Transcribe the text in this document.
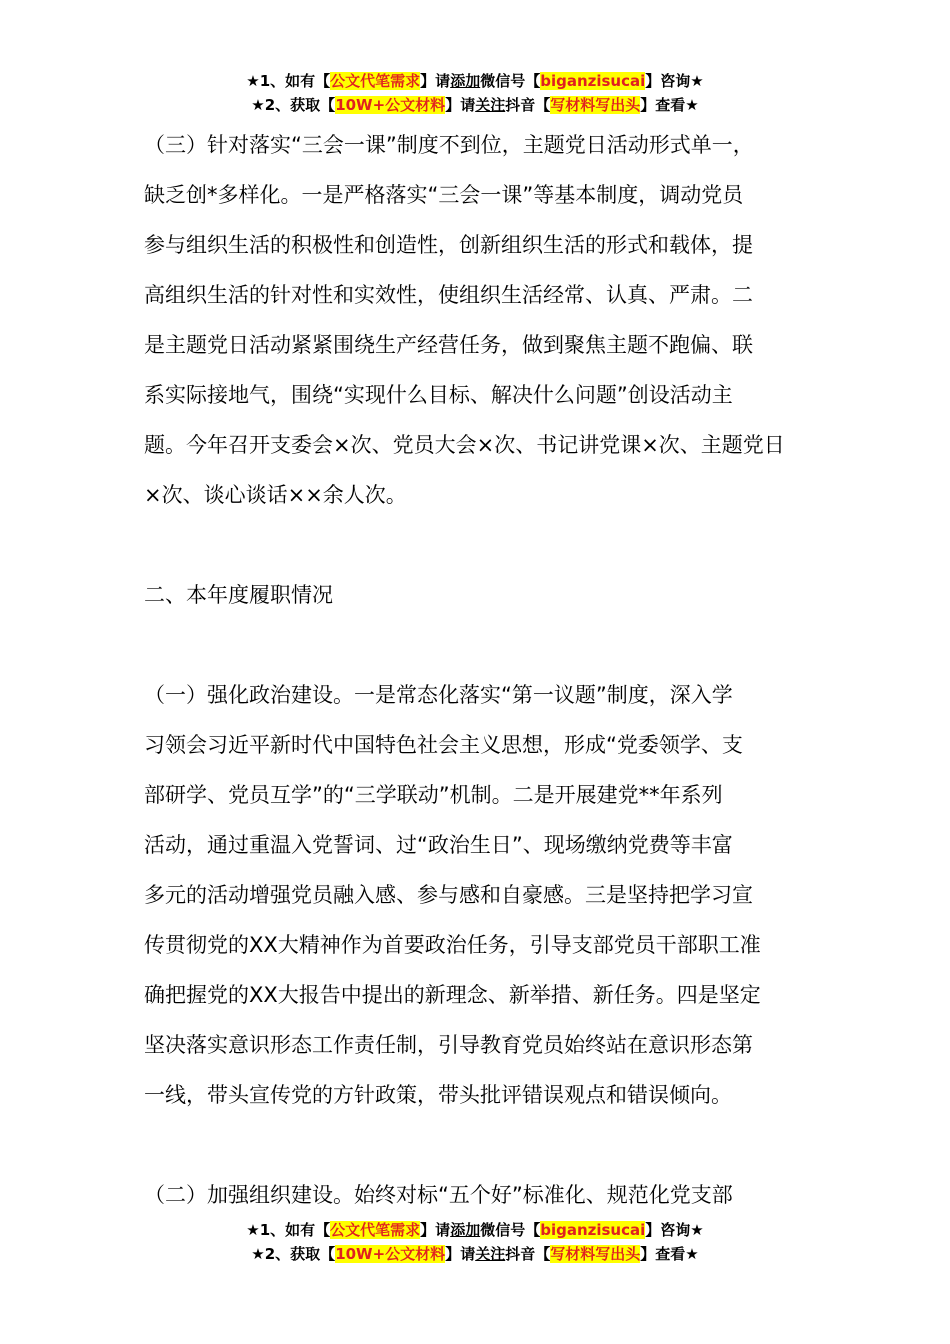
★1、如有【公文代笔需求】请添加微信号【biganzisucai】咨询★
★2、获取【10W+公文材料】请关注抖音【写材料写出头】查看★

（三）针对落实“三会一课”制度不到位，主题党日活动形式单一，
缺乏创*多样化。一是严格落实“三会一课”等基本制度，调动党员
参与组织生活的积极性和创造性，创新组织生活的形式和载体，提
高组织生活的针对性和实效性，使组织生活经常、认真、严肃。二
是主题党日活动紧紧围绕生产经营任务，做到聚焦主题不跑偏、联
系实际接地气，围绕“实现什么目标、解决什么问题”创设活动主
题。今年召开支委会×次、党员大会×次、书记讲党课×次、主题党日
×次、谈心谈话××余人次。

二、本年度履职情况

（一）强化政治建设。一是常态化落实“第一议题”制度，深入学
习领会习近平新时代中国特色社会主义思想，形成“党委领学、支
部研学、党员互学”的“三学联动”机制。二是开展建党**年系列
活动，通过重温入党誓词、过“政治生日”、现场缴纳党费等丰富
多元的活动增强党员融入感、参与感和自豪感。三是坚持把学习宣
传贯彻党的XX大精神作为首要政治任务，引导支部党员干部职工准
确把握党的XX大报告中提出的新理念、新举措、新任务。四是坚定
坚决落实意识形态工作责任制，引导教育党员始终站在意识形态第
一线，带头宣传党的方针政策，带头批评错误观点和错误倾向。

（二）加强组织建设。始终对标“五个好”标准化、规范化党支部

★1、如有【公文代笔需求】请添加微信号【biganzisucai】咨询★
★2、获取【10W+公文材料】请关注抖音【写材料写出头】查看★
